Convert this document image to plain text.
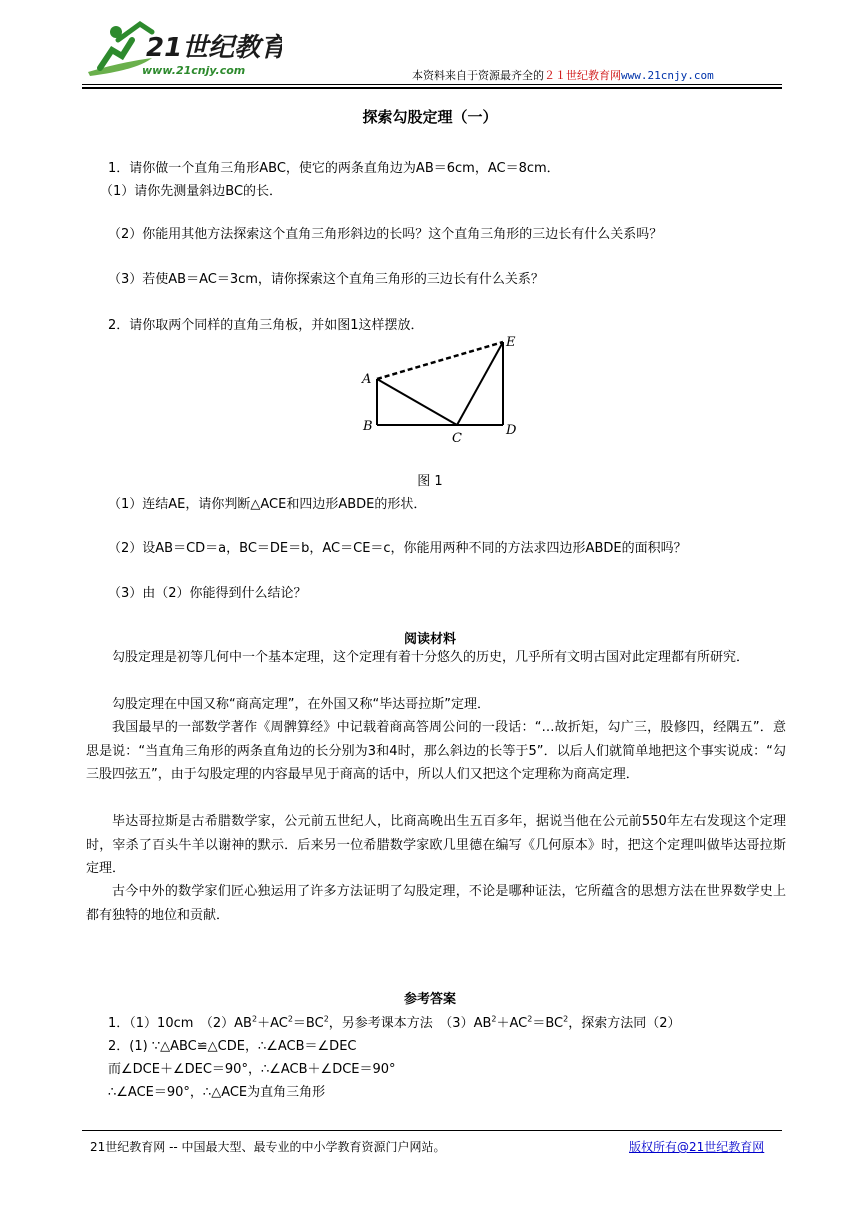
21世纪教育
www.21cnjy.com	本资料来自于资源最齐全的２１世纪教育网www.21cnjy.com
探索勾股定理（一）
1．请你做一个直角三角形ABC，使它的两条直角边为AB＝6cm，AC＝8cm．
（1）请你先测量斜边BC的长．
（2）你能用其他方法探索这个直角三角形斜边的长吗？这个直角三角形的三边长有什么关系吗？
（3）若使AB＝AC＝3cm，请你探索这个直角三角形的三边长有什么关系？
2．请你取两个同样的直角三角板，并如图1这样摆放．
A
B
C
D
E
图 1
（1）连结AE，请你判断△ACE和四边形ABDE的形状．
（2）设AB＝CD＝a，BC＝DE＝b，AC＝CE＝c，你能用两种不同的方法求四边形ABDE的面积吗？
（3）由（2）你能得到什么结论？
阅读材料

勾股定理是初等几何中一个基本定理，这个定理有着十分悠久的历史，几乎所有文明古国对此定理都有所研究．

勾股定理在中国又称“商高定理”，在外国又称“毕达哥拉斯”定理．

我国最早的一部数学著作《周髀算经》中记载着商高答周公问的一段话：“…故折矩，勾广三，股修四，经隅五”．意思是说：“当直角三角形的两条直角边的长分别为3和4时，那么斜边的长等于5”．以后人们就简单地把这个事实说成：“勾三股四弦五”，由于勾股定理的内容最早见于商高的话中，所以人们又把这个定理称为商高定理．

毕达哥拉斯是古希腊数学家，公元前五世纪人，比商高晚出生五百多年，据说当他在公元前550年左右发现这个定理时，宰杀了百头牛羊以谢神的默示．后来另一位希腊数学家欧几里德在编写《几何原本》时，把这个定理叫做毕达哥拉斯定理．

古今中外的数学家们匠心独运用了许多方法证明了勾股定理，不论是哪种证法，它所蕴含的思想方法在世界数学史上都有独特的地位和贡献．

参考答案
1．（1）10cm　$(2)AB^2+AC^2=BC^2$，另参考课本方法　$(3)AB^2+AC^2=BC^2$，探索方法同（2）
2．(1) ∵△ABC≌△CDE，∴∠ACB＝∠DEC
而∠DCE＋∠DEC＝90°，∴∠ACB＋∠DCE＝90°
∴∠ACE＝90°，∴△ACE为直角三角形
21世纪教育网 -- 中国最大型、最专业的中小学教育资源门户网站。	版权所有@21世纪教育网
